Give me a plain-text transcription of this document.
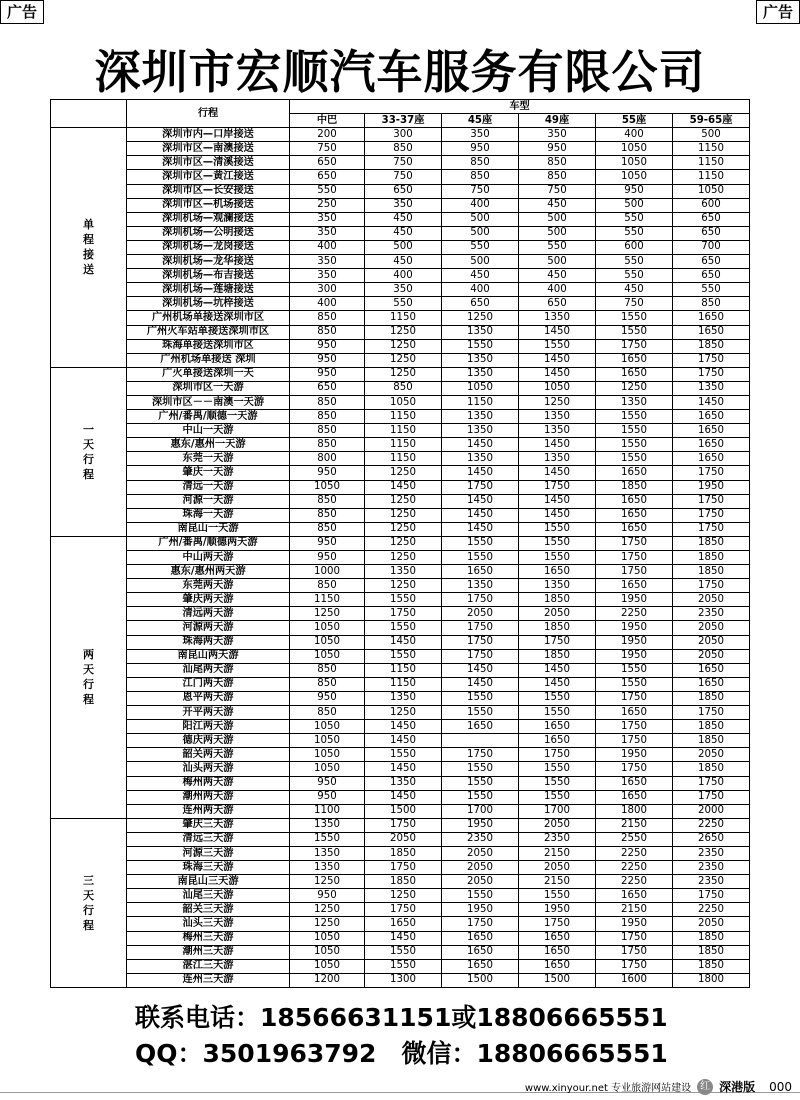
广告	广告
深圳市宏顺汽车服务有限公司
	行程	车型					
		中巴	33-37座	45座	49座	55座	59-65座
单
程
接
送	深圳市内—口岸接送	200	300	350	350	400	500
	深圳市区—南澳接送	750	850	950	950	1050	1150
	深圳市区—清溪接送	650	750	850	850	1050	1150
	深圳市区—黄江接送	650	750	850	850	1050	1150
	深圳市区—长安接送	550	650	750	750	950	1050
	深圳市区—机场接送	250	350	400	450	500	600
	深圳机场—观澜接送	350	450	500	500	550	650
	深圳机场—公明接送	350	450	500	500	550	650
	深圳机场—龙岗接送	400	500	550	550	600	700
	深圳机场—龙华接送	350	450	500	500	550	650
	深圳机场—布吉接送	350	400	450	450	550	650
	深圳机场—莲塘接送	300	350	400	400	450	550
	深圳机场—坑梓接送	400	550	650	650	750	850
	广州机场单接送深圳市区	850	1150	1250	1350	1550	1650
	广州火车站单接送深圳市区	850	1250	1350	1450	1550	1650
	珠海单接送深圳市区	950	1250	1550	1550	1750	1850
	广州机场单接送 深圳	950	1250	1350	1450	1650	1750
一
天
行
程	广火单接送深圳一天	950	1250	1350	1450	1650	1750
	深圳市区一天游	650	850	1050	1050	1250	1350
	深圳市区－－南澳一天游	850	1050	1150	1250	1350	1450
	广州/番禺/顺德一天游	850	1150	1350	1350	1550	1650
	中山一天游	850	1150	1350	1350	1550	1650
	惠东/惠州一天游	850	1150	1450	1450	1550	1650
	东莞一天游	800	1150	1350	1350	1550	1650
	肇庆一天游	950	1250	1450	1450	1650	1750
	清远一天游	1050	1450	1750	1750	1850	1950
	河源一天游	850	1250	1450	1450	1650	1750
	珠海一天游	850	1250	1450	1450	1650	1750
	南昆山一天游	850	1250	1450	1550	1650	1750
两
天
行
程	广州/番禺/顺德两天游	950	1250	1550	1550	1750	1850
	中山两天游	950	1250	1550	1550	1750	1850
	惠东/惠州两天游	1000	1350	1650	1650	1750	1850
	东莞两天游	850	1250	1350	1350	1650	1750
	肇庆两天游	1150	1550	1750	1850	1950	2050
	清远两天游	1250	1750	2050	2050	2250	2350
	河源两天游	1050	1550	1750	1850	1950	2050
	珠海两天游	1050	1450	1750	1750	1950	2050
	南昆山两天游	1050	1550	1750	1850	1950	2050
	汕尾两天游	850	1150	1450	1450	1550	1650
	江门两天游	850	1150	1450	1450	1550	1650
	恩平两天游	950	1350	1550	1550	1750	1850
	开平两天游	850	1250	1550	1550	1650	1750
	阳江两天游	1050	1450	1650	1650	1750	1850
	德庆两天游	1050	1450		1650	1750	1850
	韶关两天游	1050	1550	1750	1750	1950	2050
	汕头两天游	1050	1450	1550	1550	1750	1850
	梅州两天游	950	1350	1550	1550	1650	1750
	潮州两天游	950	1450	1550	1550	1650	1750
	连州两天游	1100	1500	1700	1700	1800	2000
三
天
行
程	肇庆三天游	1350	1750	1950	2050	2150	2250
	清远三天游	1550	2050	2350	2350	2550	2650
	河源三天游	1350	1850	2050	2150	2250	2350
	珠海三天游	1350	1750	2050	2050	2250	2350
	南昆山三天游	1250	1850	2050	2150	2250	2350
	汕尾三天游	950	1250	1550	1550	1650	1750
	韶关三天游	1250	1750	1950	1950	2150	2250
	汕头三天游	1250	1650	1750	1750	1950	2050
	梅州三天游	1050	1450	1650	1650	1750	1850
	潮州三天游	1050	1550	1650	1650	1750	1850
	湛江三天游	1050	1550	1650	1650	1750	1850
	连州三天游	1200	1300	1500	1500	1600	1800
联系电话：18566631151或18806665551
QQ：3501963792　微信：18806665551
www.xinyour.net 专业旅游网站建设 红 深港版 000
